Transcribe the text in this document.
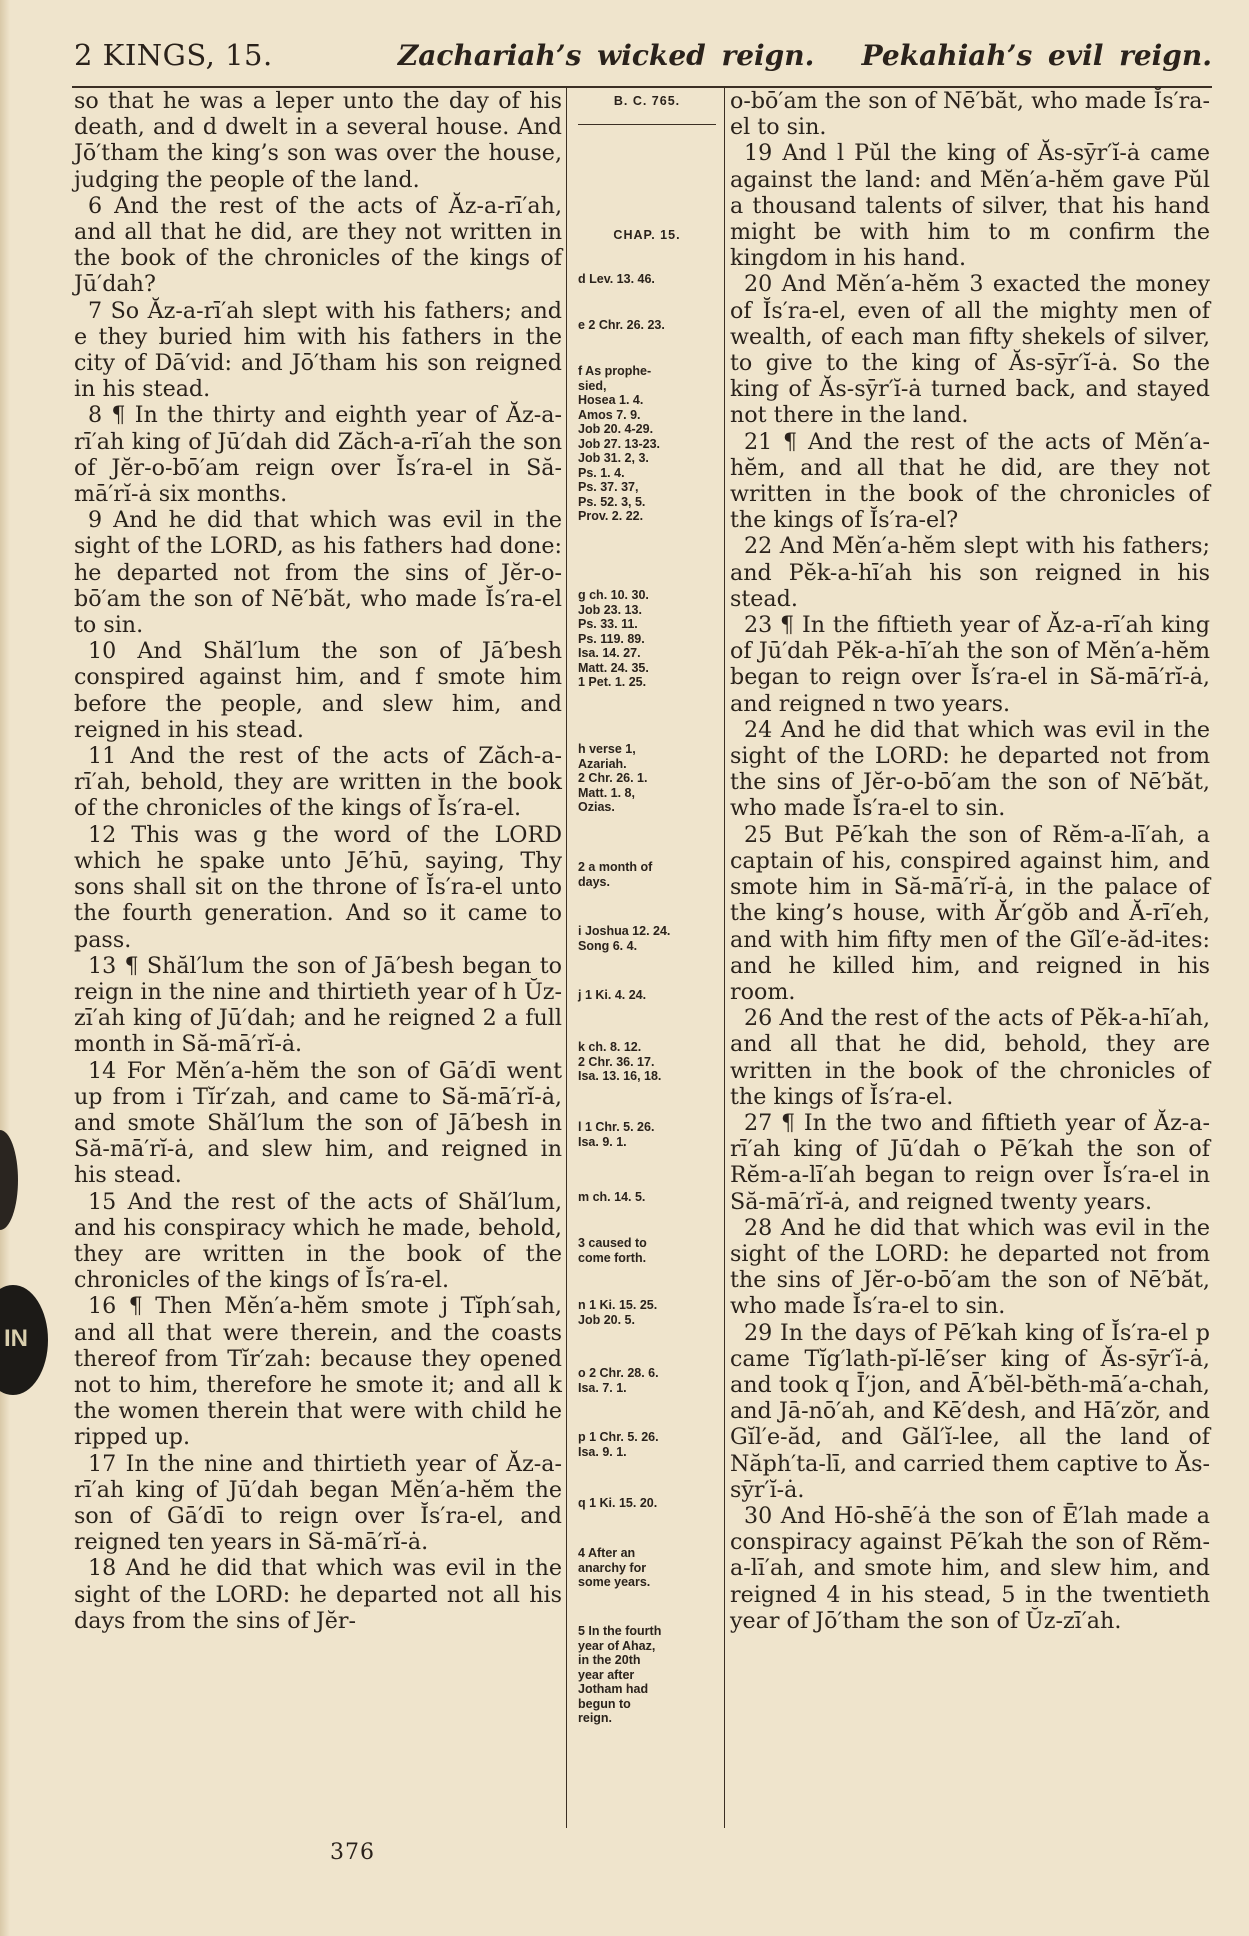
IN
2 KINGS, 15.	Zachariah’s wicked reign.   Pekahiah’s evil reign.

so that he was a leper unto the day of his death, and d dwelt in a several house. And Jō′tham the king’s son was over the house, judging the people of the land.

6 And the rest of the acts of Ăz-a-rī′ah, and all that he did, are they not written in the book of the chronicles of the kings of Jū′dah?

7 So Ăz-a-rī′ah slept with his fathers; and e they buried him with his fathers in the city of Dā′vid: and Jō′tham his son reigned in his stead.

8 ¶ In the thirty and eighth year of Ăz-a-rī′ah king of Jū′dah did Zăch-a-rī′ah the son of Jĕr-o-bō′am reign over Ĭs′ra-el in Să-mā′rĭ-ȧ six months.

9 And he did that which was evil in the sight of the LORD, as his fathers had done: he departed not from the sins of Jĕr-o-bō′am the son of Nē′băt, who made Ĭs′ra-el to sin.

10 And Shăl′lum the son of Jā′besh conspired against him, and f smote him before the people, and slew him, and reigned in his stead.

11 And the rest of the acts of Zăch-a-rī′ah, behold, they are written in the book of the chronicles of the kings of Ĭs′ra-el.

12 This was g the word of the LORD which he spake unto Jē′hū, saying, Thy sons shall sit on the throne of Ĭs′ra-el unto the fourth generation. And so it came to pass.

13 ¶ Shăl′lum the son of Jā′besh began to reign in the nine and thirtieth year of h Ŭz-zī′ah king of Jū′dah; and he reigned 2 a full month in Să-mā′rĭ-ȧ.

14 For Mĕn′a-hĕm the son of Gā′dī went up from i Tĭr′zah, and came to Să-mā′rĭ-ȧ, and smote Shăl′lum the son of Jā′besh in Să-mā′rĭ-ȧ, and slew him, and reigned in his stead.

15 And the rest of the acts of Shăl′lum, and his conspiracy which he made, behold, they are written in the book of the chronicles of the kings of Ĭs′ra-el.

16 ¶ Then Mĕn′a-hĕm smote j Tĭph′sah, and all that were therein, and the coasts thereof from Tĭr′zah: because they opened not to him, therefore he smote it; and all k the women therein that were with child he ripped up.

17 In the nine and thirtieth year of Ăz-a-rī′ah king of Jū′dah began Mĕn′a-hĕm the son of Gā′dī to reign over Ĭs′ra-el, and reigned ten years in Să-mā′rĭ-ȧ.

18 And he did that which was evil in the sight of the LORD: he departed not all his days from the sins of Jĕr-

B. C. 765.
CHAP. 15.
d Lev. 13. 46.
e 2 Chr. 26. 23.
f As prophe-
sied,
Hosea 1. 4.
Amos 7. 9.
Job 20. 4-29.
Job 27. 13-23.
Job 31. 2, 3.
Ps. 1. 4.
Ps. 37. 37,
Ps. 52. 3, 5.
Prov. 2. 22.
g ch. 10. 30.
Job 23. 13.
Ps. 33. 11.
Ps. 119. 89.
Isa. 14. 27.
Matt. 24. 35.
1 Pet. 1. 25.
h verse 1,
Azariah.
2 Chr. 26. 1.
Matt. 1. 8,
Ozias.
2 a month of
days.
i Joshua 12. 24.
Song 6. 4.
j 1 Ki. 4. 24.
k ch. 8. 12.
2 Chr. 36. 17.
Isa. 13. 16, 18.
l 1 Chr. 5. 26.
Isa. 9. 1.
m ch. 14. 5.
3 caused to
come forth.
n 1 Ki. 15. 25.
Job 20. 5.
o 2 Chr. 28. 6.
Isa. 7. 1.
p 1 Chr. 5. 26.
Isa. 9. 1.
q 1 Ki. 15. 20.
4 After an
anarchy for
some years.
5 In the fourth
year of Ahaz,
in the 20th
year after
Jotham had
begun to
reign.

o-bō′am the son of Nē′băt, who made Ĭs′ra-el to sin.

19 And l Pŭl the king of Ăs-sȳr′ĭ-ȧ came against the land: and Mĕn′a-hĕm gave Pŭl a thousand talents of silver, that his hand might be with him to m confirm the kingdom in his hand.

20 And Mĕn′a-hĕm 3 exacted the money of Ĭs′ra-el, even of all the mighty men of wealth, of each man fifty shekels of silver, to give to the king of Ăs-sȳr′ĭ-ȧ. So the king of Ăs-sȳr′ĭ-ȧ turned back, and stayed not there in the land.

21 ¶ And the rest of the acts of Mĕn′a-hĕm, and all that he did, are they not written in the book of the chronicles of the kings of Ĭs′ra-el?

22 And Mĕn′a-hĕm slept with his fathers; and Pĕk-a-hī′ah his son reigned in his stead.

23 ¶ In the fiftieth year of Ăz-a-rī′ah king of Jū′dah Pĕk-a-hī′ah the son of Mĕn′a-hĕm began to reign over Ĭs′ra-el in Să-mā′rĭ-ȧ, and reigned n two years.

24 And he did that which was evil in the sight of the LORD: he departed not from the sins of Jĕr-o-bō′am the son of Nē′băt, who made Ĭs′ra-el to sin.

25 But Pē′kah the son of Rĕm-a-lī′ah, a captain of his, conspired against him, and smote him in Să-mā′rĭ-ȧ, in the palace of the king’s house, with Ăr′gŏb and Ă-rī′eh, and with him fifty men of the Gĭl′e-ăd-ites: and he killed him, and reigned in his room.

26 And the rest of the acts of Pĕk-a-hī′ah, and all that he did, behold, they are written in the book of the chronicles of the kings of Ĭs′ra-el.

27 ¶ In the two and fiftieth year of Ăz-a-rī′ah king of Jū′dah o Pē′kah the son of Rĕm-a-lī′ah began to reign over Ĭs′ra-el in Să-mā′rĭ-ȧ, and reigned twenty years.

28 And he did that which was evil in the sight of the LORD: he departed not from the sins of Jĕr-o-bō′am the son of Nē′băt, who made Ĭs′ra-el to sin.

29 In the days of Pē′kah king of Ĭs′ra-el p came Tĭg′lath-pĭ-lē′ser king of Ăs-sȳr′ĭ-ȧ, and took q Ī′jon, and Ā′bĕl-bĕth-mā′a-chah, and Jā-nō′ah, and Kē′desh, and Hā′zŏr, and Gĭl′e-ăd, and Găl′ĭ-lee, all the land of Năph′ta-lī, and carried them captive to Ăs-sȳr′ĭ-ȧ.

30 And Hō-shē′ȧ the son of Ē′lah made a conspiracy against Pē′kah the son of Rĕm-a-lī′ah, and smote him, and slew him, and reigned 4 in his stead, 5 in the twentieth year of Jō′tham the son of Ŭz-zī′ah.

376
